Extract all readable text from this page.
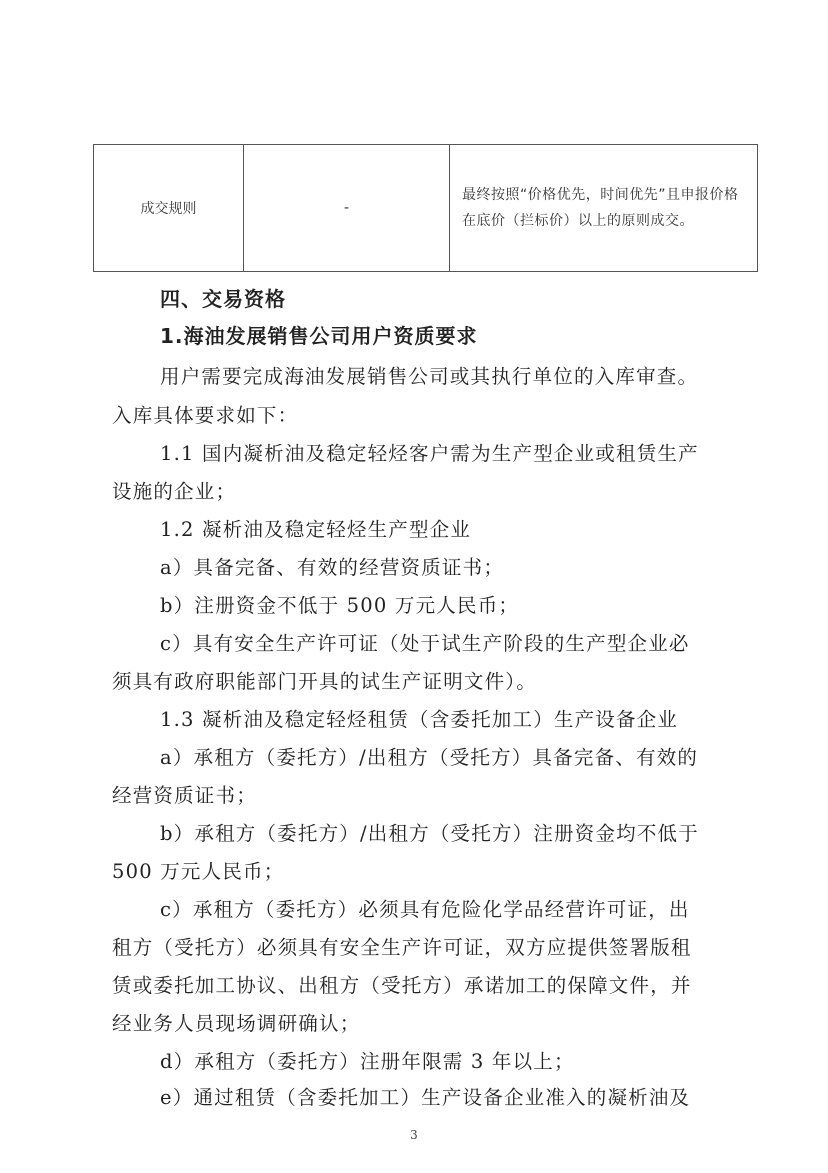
成交规则	-
最终按照“价格优先，时间优先”且申报价格在底价（拦标价）以上的原则成交。
四、交易资格
1.海油发展销售公司用户资质要求
用户需要完成海油发展销售公司或其执行单位的入库审查。
入库具体要求如下：
1.1 国内凝析油及稳定轻烃客户需为生产型企业或租赁生产
设施的企业；
1.2 凝析油及稳定轻烃生产型企业
a）具备完备、有效的经营资质证书；
b）注册资金不低于 500 万元人民币；
c）具有安全生产许可证（处于试生产阶段的生产型企业必
须具有政府职能部门开具的试生产证明文件）。
1.3 凝析油及稳定轻烃租赁（含委托加工）生产设备企业
a）承租方（委托方）/出租方（受托方）具备完备、有效的
经营资质证书；
b）承租方（委托方）/出租方（受托方）注册资金均不低于
500 万元人民币；
c）承租方（委托方）必须具有危险化学品经营许可证，出
租方（受托方）必须具有安全生产许可证，双方应提供签署版租
赁或委托加工协议、出租方（受托方）承诺加工的保障文件，并
经业务人员现场调研确认；
d）承租方（委托方）注册年限需 3 年以上；
e）通过租赁（含委托加工）生产设备企业准入的凝析油及
3
